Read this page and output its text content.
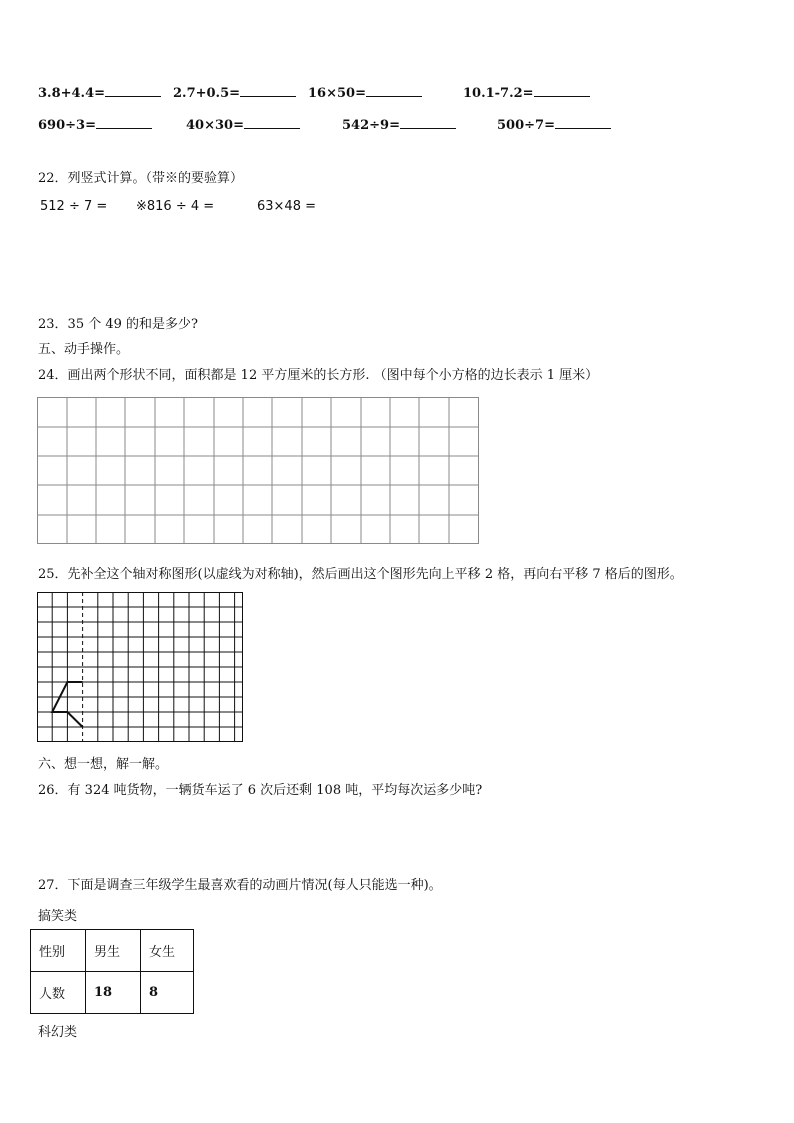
3.8+4.4=	2.7+0.5=	16×50=	10.1-7.2=
690÷3=	40×30=	542÷9=	500÷7=
22．列竖式计算。（带※的要验算）
512 ÷ 7 = ※816 ÷ 4 =	63×48 =
23．35 个 49 的和是多少?
五、动手操作。
24．画出两个形状不同，面积都是 12 平方厘米的长方形. （图中每个小方格的边长表示 1 厘米）
25．先补全这个轴对称图形(以虚线为对称轴)，然后画出这个图形先向上平移 2 格，再向右平移 7 格后的图形。
六、想一想，解一解。
26．有 324 吨货物，一辆货车运了 6 次后还剩 108 吨，平均每次运多少吨?
27．下面是调查三年级学生最喜欢看的动画片情况(每人只能选一种)。
搞笑类
性别	男生	女生
人数	18	8
科幻类
